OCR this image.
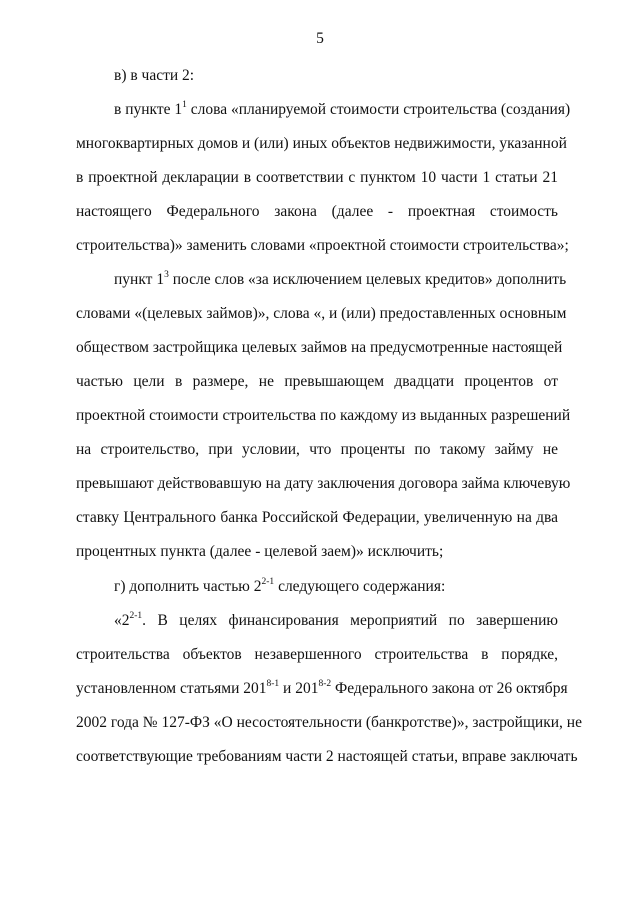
5
в) в части 2:
в пункте $1^1$ слова «планируемой стоимости строительства (создания)
многоквартирных домов и (или) иных объектов недвижимости, указанной
в проектной декларации в соответствии с пунктом 10 части 1 статьи 21
настоящего Федерального закона (далее - проектная стоимость
строительства)» заменить словами «проектной стоимости строительства»;
пункт $1^3$ после слов «за исключением целевых кредитов» дополнить
словами «(целевых займов)», слова «, и (или) предоставленных основным
обществом застройщика целевых займов на предусмотренные настоящей
частью цели в размере, не превышающем двадцати процентов от
проектной стоимости строительства по каждому из выданных разрешений
на строительство, при условии, что проценты по такому займу не
превышают действовавшую на дату заключения договора займа ключевую
ставку Центрального банка Российской Федерации, увеличенную на два
процентных пункта (далее - целевой заем)» исключить;
г) дополнить частью 2$^{2-1}$ следующего содержания:
«2$^{2-1}$. В целях финансирования мероприятий по завершению
строительства объектов незавершенного строительства в порядке,
установленном статьями 201$^{8-1}$ и 201$^{8-2}$ Федерального закона от 26 октября
2002 года № 127-ФЗ «О несостоятельности (банкротстве)», застройщики, не
соответствующие требованиям части 2 настоящей статьи, вправе заключать
